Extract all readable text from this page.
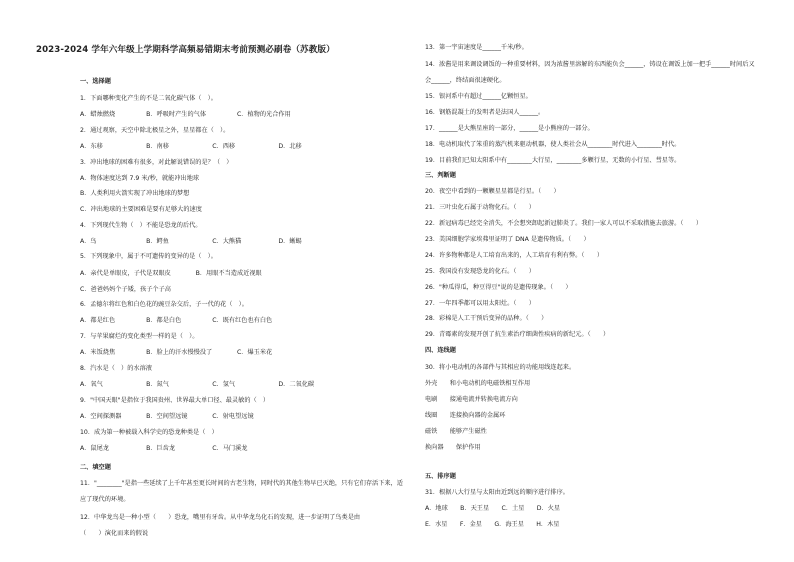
2023-2024 学年六年级上学期科学高频易错期末考前预测必刷卷（苏教版）
一、选择题
1．下面哪种变化产生的不是二氧化碳气体（　）。
A．蜡烛燃烧　　　　　B．呼吸时产生的气体　　　　　C．植物的光合作用
2．通过观察，天空中除北极星之外，星星都在（　）。
A．东移　　　　　　　B．南移　　　　　　　C．西移　　　　　　　D．北移
3．冲出地球的困难有很多，对此解说错误的是？（　）
A．物体速度达到 7.9 米/秒，就能冲出地球
B．人类利用火箭实现了冲出地球的梦想
C．冲出地球的主要困难是要有足够大的速度
4．下列现代生物（　）不能是恐龙的后代。
A．鸟　　　　　　　　B．鳄鱼　　　　　　　C．大熊猫　　　　　　D．蜥蜴
5．下列现象中，属于不可遗传的变异的是（　）。
A．亲代是单眼皮，子代是双眼皮　　　　B．用眼不当造成近视眼
C．爸爸妈妈个子矮，孩子个子高
6．孟德尔将红色和白色花的豌豆杂交后，子一代的花（　）。
A．都是红色　　　　　B．都是白色　　　　　C．既有红色也有白色
7．与苹果腐烂的变化类型一样的是（　）。
A．米饭烧焦　　　　　B．脸上的汗水慢慢没了　　　　C．爆玉米花
8．汽水是（　）的水溶液
A．氧气　　　　　　　B．氮气　　　　　　　C．氢气　　　　　　　D．二氧化碳
9．"中国天眼"是指位于我国贵州、世界最大单口径、最灵敏的（　）
A．空间探测器　　　　B．空间望远镜　　　　C．射电望远镜
10．成为第一种被载入科学史的恐龙种类是（　）
A．鼠尾龙　　　　　　B．巨齿龙　　　　　　C．马门溪龙
二、填空题
11．"________"是指一些延续了上千年甚至更长时间的古老生物，同时代的其他生物早已灭绝，只有它们存活下来，适
应了现代的环境。
12．中华龙鸟是一种小型（　　）恐龙，嘴里有牙齿。从中华龙鸟化石的发现，进一步证明了鸟类是由
（　　）演化而来的假说
13．第一宇宙速度是______千米/秒。
14．浓酱是用来调设调饭的一种重要材料，因为浓酱里溶解的东西能负会______，铸设在调饭上加一把手______时间后又
会______，终结面很速硬化。
15．银河系中有超过______亿颗恒星。
16．钢筋混凝土的发明者是法国人______。
17．______是大熊星座的一部分，______是小熊座的一部分。
18．电动机取代了笨重的蒸汽机来驱动机器，使人类社会从________时代进入________时代。
19．目前我们已知太阳系中有________大行星，________多颗行星，无数的小行星、彗星等。
三、判断题
20．夜空中看到的一颗颗星星都是行星。（　　）
21．三叶虫化石属于动物化石。（　　）
22．新冠病毒已经完全消失，不会想突卸起新冠肺炎了。我们一家人可以不采取措施去旅游。（　　）
23．美国细胞学家埃弗里证明了 DNA 是遗传物质。（　　）
24．许多物种都是人工培育出来的，人工培育有利有弊。（　　）
25．我国没有发现恐龙的化石。（　　）
26．"种瓜得瓜，种豆得豆"说的是遗传现象。（　　）
27．一年四季都可以用太阳灶。（　　）
28．彩棉是人工干预后变异的品种。（　　）
29．青霉素的发现开创了抗生素治疗细菌性疾病的新纪元。（　　）
四、连线题
30．将小电动机的各部件与其相应的功能用线连起来。
外壳　　和小电动机的电磁铁相互作用
电刷　　接通电流并转换电流方向
线圈　　连接换向器的金属环
磁铁　　能够产生磁性
换向器　　保护作用
五、排序题
31．根据八大行星与太阳由近到远的顺序进行排序。
A．地球　　B．天王星　　C．土星　　D．火星
E．水星　　F．金星　　G．海王星　　H．木星
